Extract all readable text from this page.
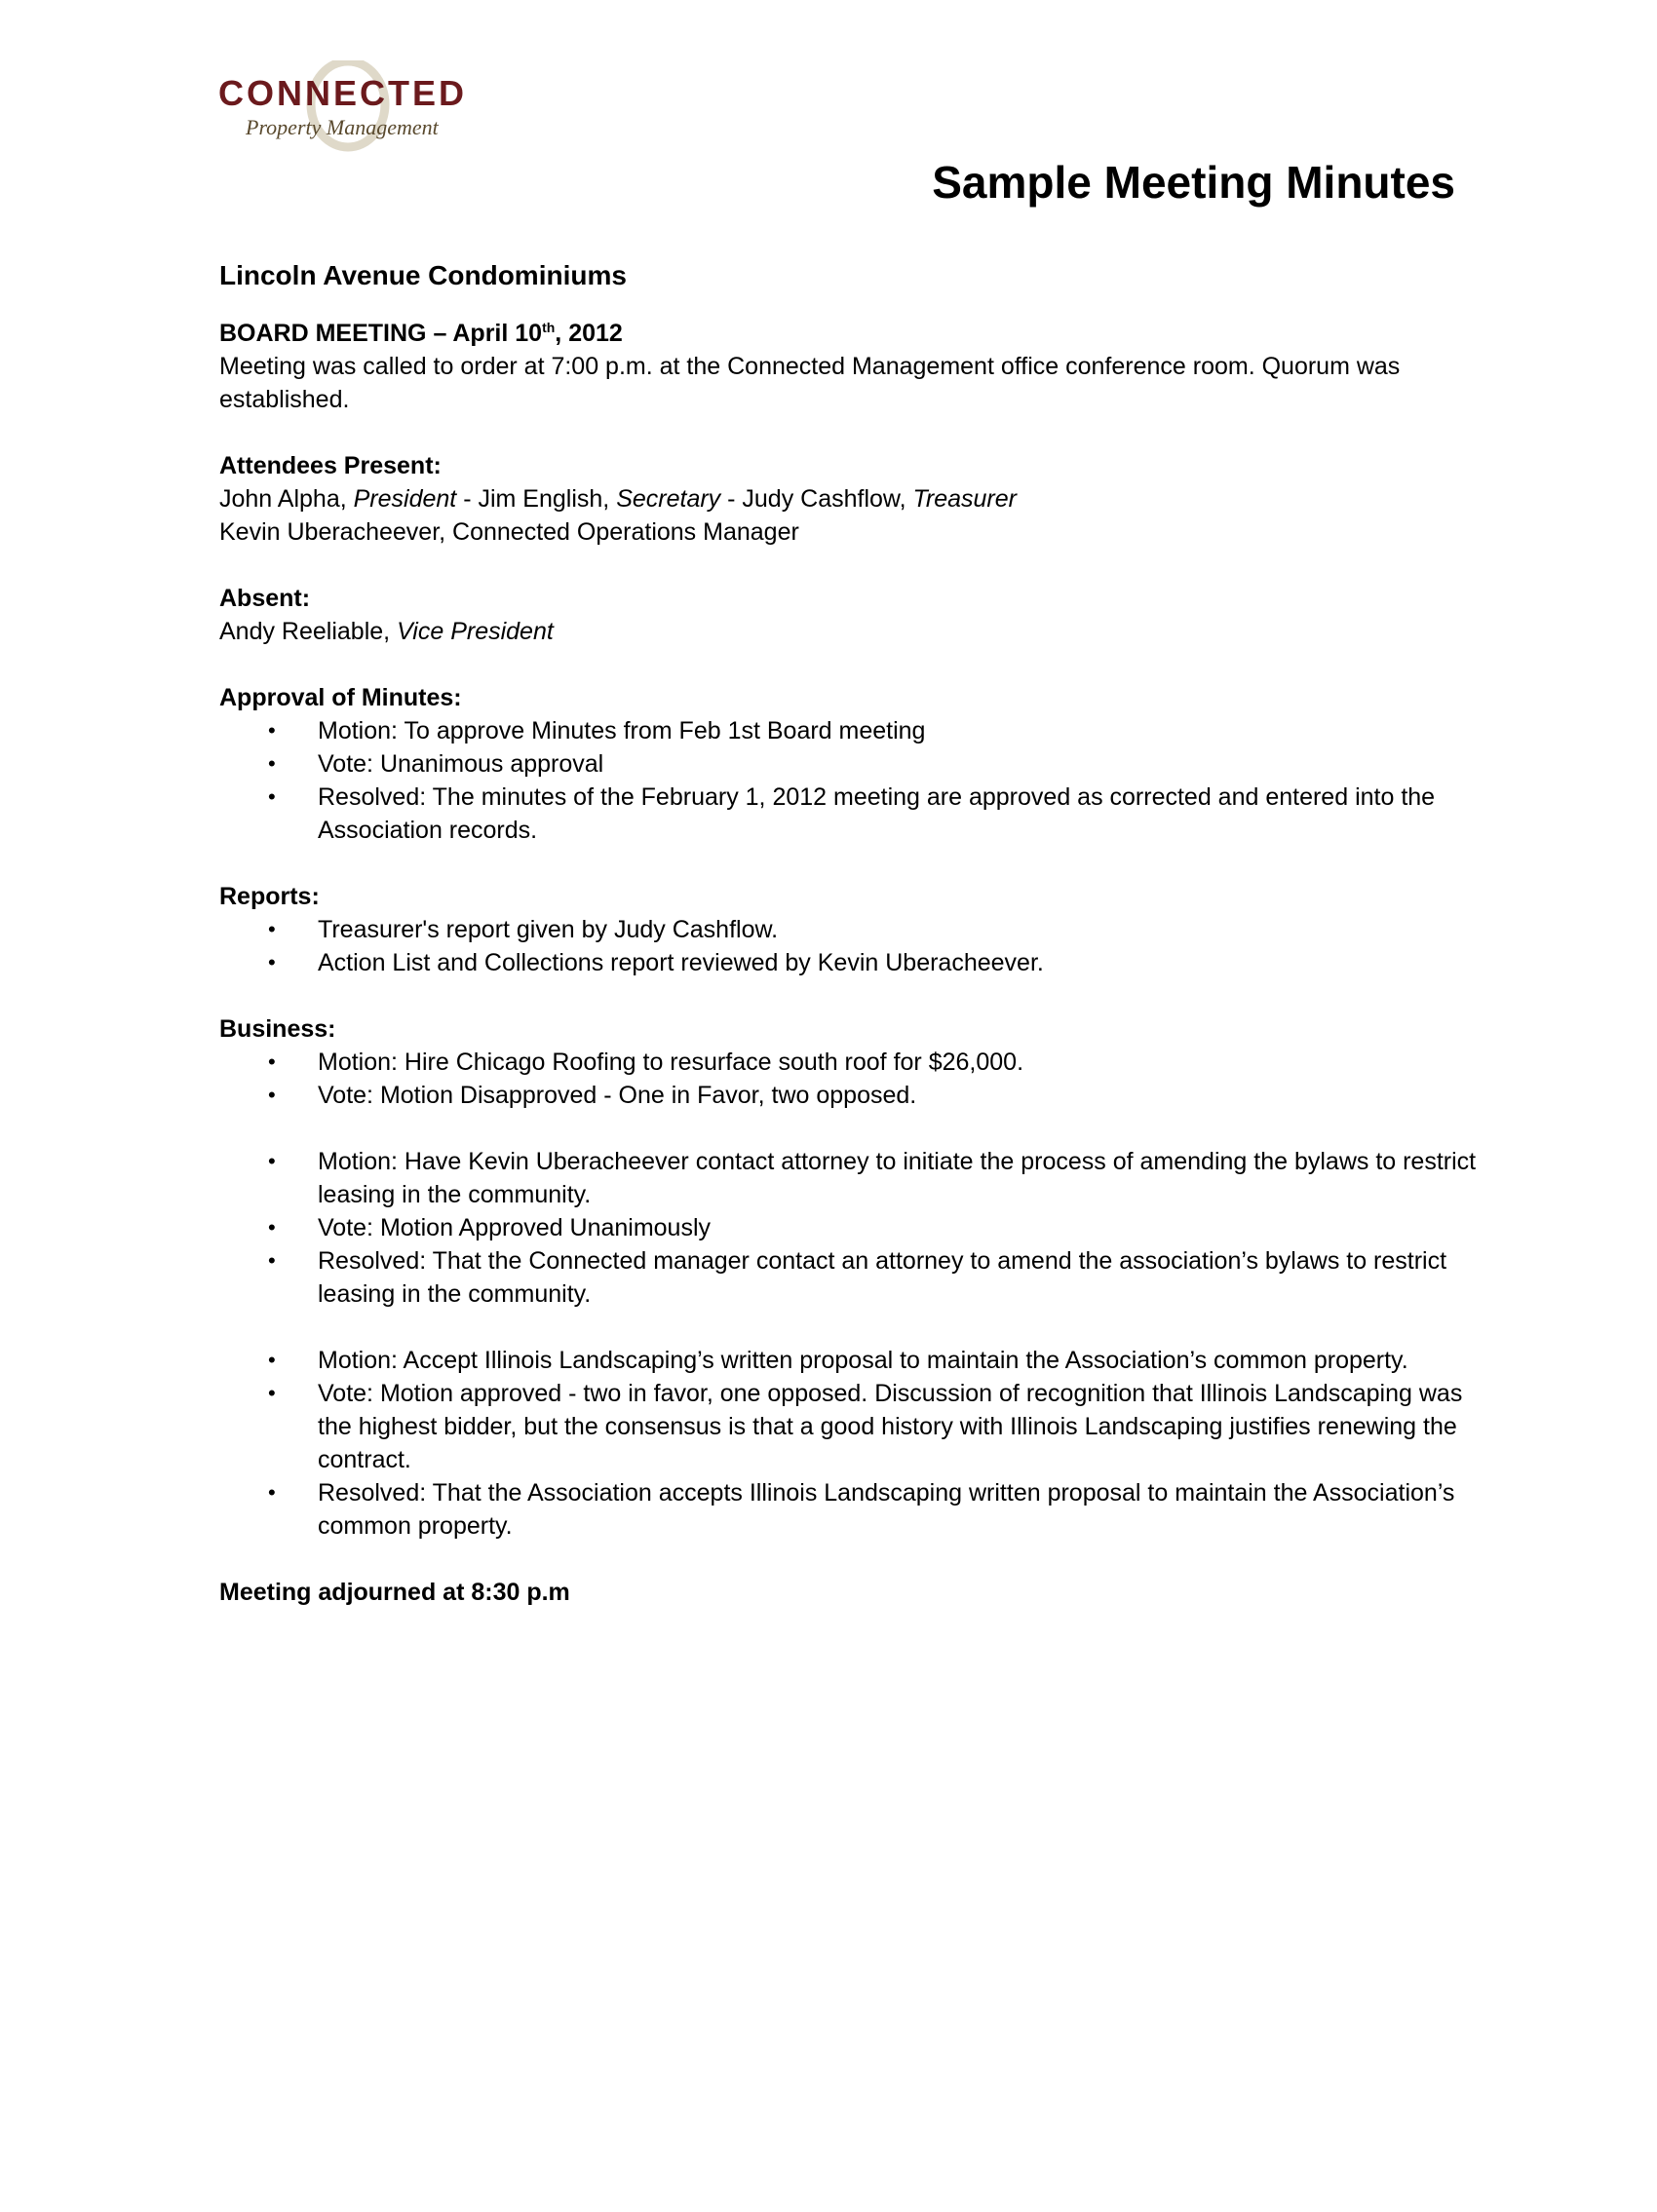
CONNECTED
Property Management
Sample Meeting Minutes
Lincoln Avenue Condominiums
BOARD MEETING – April 10th, 2012
Meeting was called to order at 7:00 p.m. at the Connected Management office conference room. Quorum was established.
Attendees Present:
John Alpha, President - Jim English, Secretary - Judy Cashflow, Treasurer
Kevin Uberacheever, Connected Operations Manager
Absent:
Andy Reeliable, Vice President
Approval of Minutes:
• Motion: To approve Minutes from Feb 1st Board meeting
• Vote: Unanimous approval
• Resolved: The minutes of the February 1, 2012 meeting are approved as corrected and entered into the Association records.
Reports:
• Treasurer's report given by Judy Cashflow.
• Action List and Collections report reviewed by Kevin Uberacheever.
Business:
• Motion: Hire Chicago Roofing to resurface south roof for $26,000.
• Vote: Motion Disapproved - One in Favor, two opposed.
• Motion: Have Kevin Uberacheever contact attorney to initiate the process of amending the bylaws to restrict leasing in the community.
• Vote: Motion Approved Unanimously
• Resolved: That the Connected manager contact an attorney to amend the association’s bylaws to restrict leasing in the community.
• Motion: Accept Illinois Landscaping’s written proposal to maintain the Association’s common property.
• Vote: Motion approved - two in favor, one opposed. Discussion of recognition that Illinois Landscaping was the highest bidder, but the consensus is that a good history with Illinois Landscaping justifies renewing the contract.
• Resolved: That the Association accepts Illinois Landscaping written proposal to maintain the Association’s common property.
Meeting adjourned at 8:30 p.m
